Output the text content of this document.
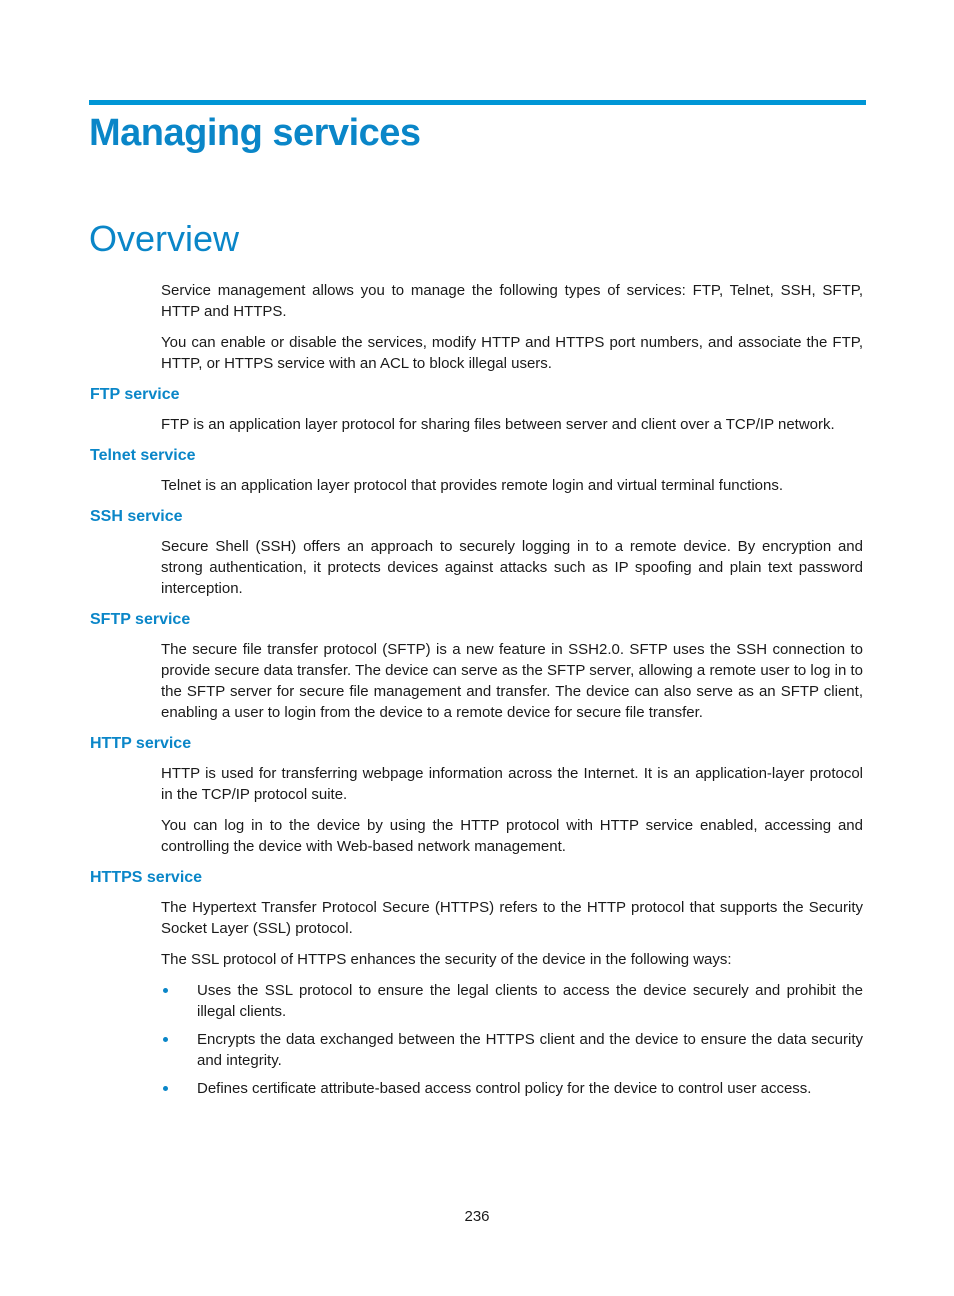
Managing services
Overview

Service management allows you to manage the following types of services: FTP, Telnet, SSH, SFTP, HTTP and HTTPS.

You can enable or disable the services, modify HTTP and HTTPS port numbers, and associate the FTP, HTTP, or HTTPS service with an ACL to block illegal users.

FTP service

FTP is an application layer protocol for sharing files between server and client over a TCP/IP network.

Telnet service

Telnet is an application layer protocol that provides remote login and virtual terminal functions.

SSH service

Secure Shell (SSH) offers an approach to securely logging in to a remote device. By encryption and strong authentication, it protects devices against attacks such as IP spoofing and plain text password interception.

SFTP service

The secure file transfer protocol (SFTP) is a new feature in SSH2.0. SFTP uses the SSH connection to provide secure data transfer. The device can serve as the SFTP server, allowing a remote user to log in to the SFTP server for secure file management and transfer. The device can also serve as an SFTP client, enabling a user to login from the device to a remote device for secure file transfer.

HTTP service

HTTP is used for transferring webpage information across the Internet. It is an application-layer protocol in the TCP/IP protocol suite.

You can log in to the device by using the HTTP protocol with HTTP service enabled, accessing and controlling the device with Web-based network management.

HTTPS service

The Hypertext Transfer Protocol Secure (HTTPS) refers to the HTTP protocol that supports the Security Socket Layer (SSL) protocol.

The SSL protocol of HTTPS enhances the security of the device in the following ways:

Uses the SSL protocol to ensure the legal clients to access the device securely and prohibit the illegal clients.
Encrypts the data exchanged between the HTTPS client and the device to ensure the data security and integrity.
Defines certificate attribute-based access control policy for the device to control user access.
236
